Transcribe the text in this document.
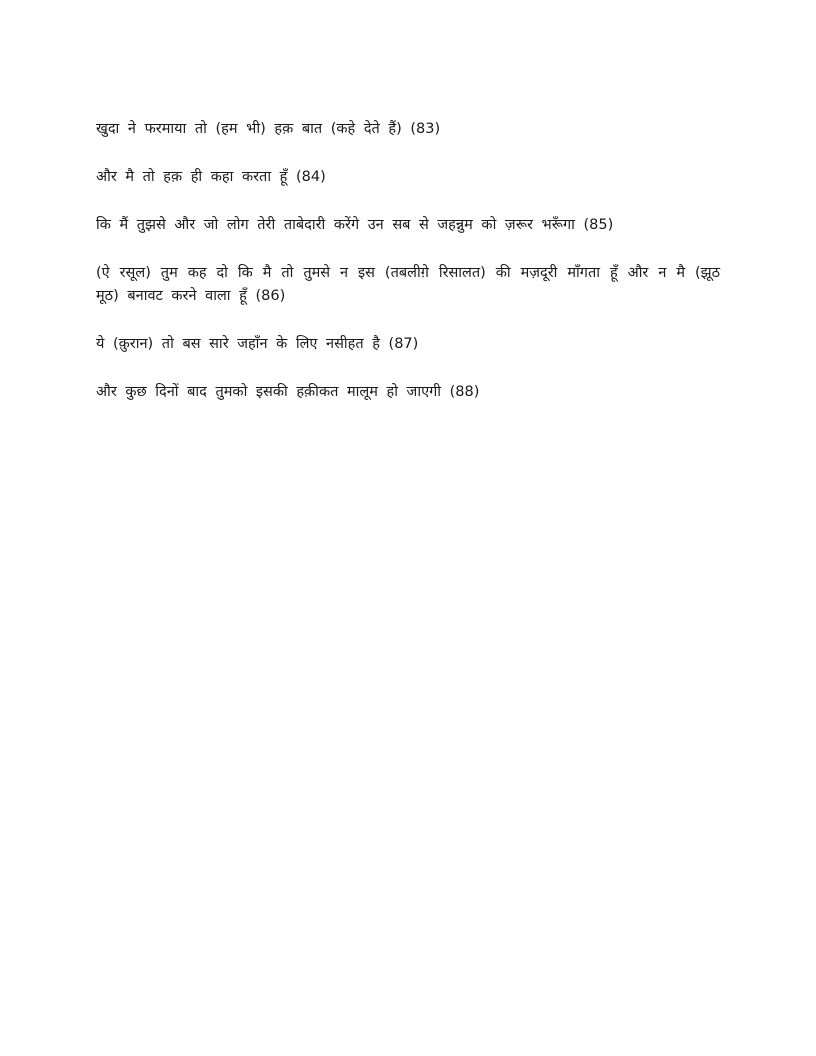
खुदा ने फरमाया तो (हम भी) हक़ बात (कहे देते हैं) (83)

और मै तो हक़ ही कहा करता हूँ (84)

कि मैं तुझसे और जो लोग तेरी ताबेदारी करेंगे उन सब से जहन्नुम को ज़रूर भरूँगा (85)

(ऐ रसूल) तुम कह दो कि मै तो तुमसे न इस (तबलीग़े रिसालत) की मज़दूरी माँगता हूँ और न मै (झूठ मूठ) बनावट करने वाला हूँ (86)

ये (क़ुरान) तो बस सारे जहाँन के लिए नसीहत है (87)

और कुछ दिनों बाद तुमको इसकी हक़ीकत मालूम हो जाएगी (88)
